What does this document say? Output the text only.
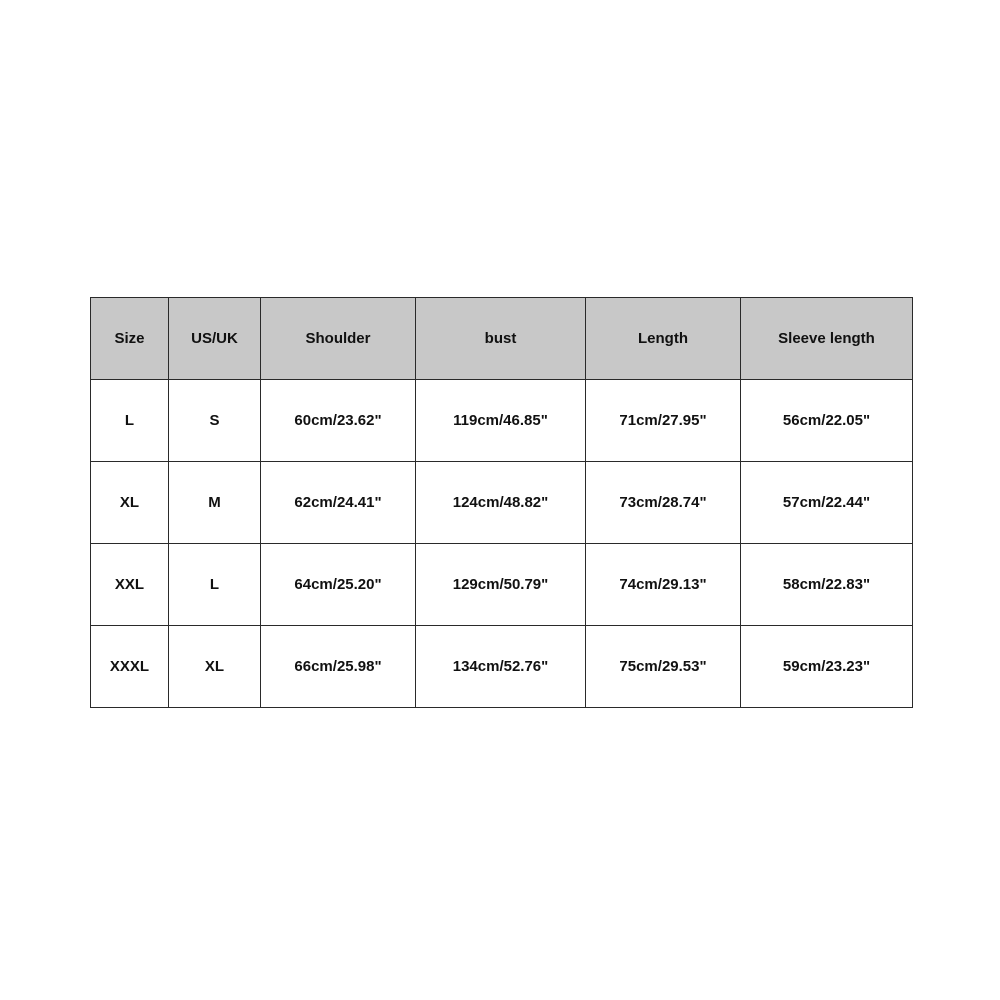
Size	US/UK	Shoulder	bust	Length	Sleeve length
L	S	60cm/23.62"	119cm/46.85"	71cm/27.95"	56cm/22.05"
XL	M	62cm/24.41"	124cm/48.82"	73cm/28.74"	57cm/22.44"
XXL	L	64cm/25.20"	129cm/50.79"	74cm/29.13"	58cm/22.83"
XXXL	XL	66cm/25.98"	134cm/52.76"	75cm/29.53"	59cm/23.23"
